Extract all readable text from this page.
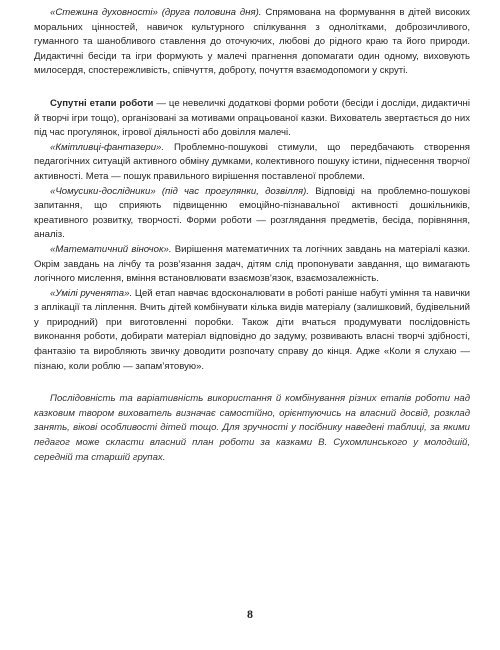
«Стежина духовності» (друга половина дня). Спрямована на формування в дітей високих моральних цінностей, навичок культурного спілкування з однолітками, доброзичливого, гуманного та шанобливого ставлення до оточуючих, любові до рідного краю та його природи. Дидактичні бесіди та ігри формують у малечі прагнення допомагати один одному, виховують милосердя, спостережливість, співчуття, доброту, почуття взаємодопомоги у скруті.

Супутні етапи роботи — це невеличкі додаткові форми роботи (бесіди і досліди, дидактичні й творчі ігри тощо), організовані за мотивами опрацьованої казки. Вихователь звертається до них під час прогулянок, ігрової діяльності або довілля малечі.

«Кмітливці-фантазери». Проблемно-пошукові стимули, що передбачають створення педагогічних ситуацій активного обміну думками, колективного пошуку істини, піднесення творчої активності. Мета — пошук правильного вирішення поставленої проблеми.

«Чомусики-дослідники» (під час прогулянки, дозвілля). Відповіді на проблемно-пошукові запитання, що сприяють підвищенню емоційно-пізнавальної активності дошкільників, креативного розвитку, творчості. Форми роботи — розглядання предметів, бесіда, порівняння, аналіз.

«Математичний віночок». Вирішення математичних та логічних завдань на матеріалі казки. Окрім завдань на лічбу та розв’язання задач, дітям слід пропонувати завдання, що вимагають логічного мислення, вміння встановлювати взаємозв’язок, взаємозалежність.

«Умілі рученята». Цей етап навчає вдосконалювати в роботі раніше набуті уміння та навички з аплікації та ліплення. Вчить дітей комбінувати кілька видів матеріалу (залишковий, будівельний у природний) при виготовленні поробки. Також діти вчаться продумувати послідовність виконання роботи, добирати матеріал відповідно до задуму, розвивають власні творчі здібності, фантазію та виробляють звичку доводити розпочату справу до кінця. Адже «Коли я слухаю — пізнаю, коли роблю — запам’ятовую».

Послідовність та варіативність використання й комбінування різних етапів роботи над казковим твором вихователь визначає самостійно, орієнтуючись на власний досвід, розклад занять, вікові особливості дітей тощо. Для зручності у посібнику наведені таблиці, за якими педагог може скласти власний план роботи за казками В. Сухомлинського у молодшій, середній та старшій групах.

8
